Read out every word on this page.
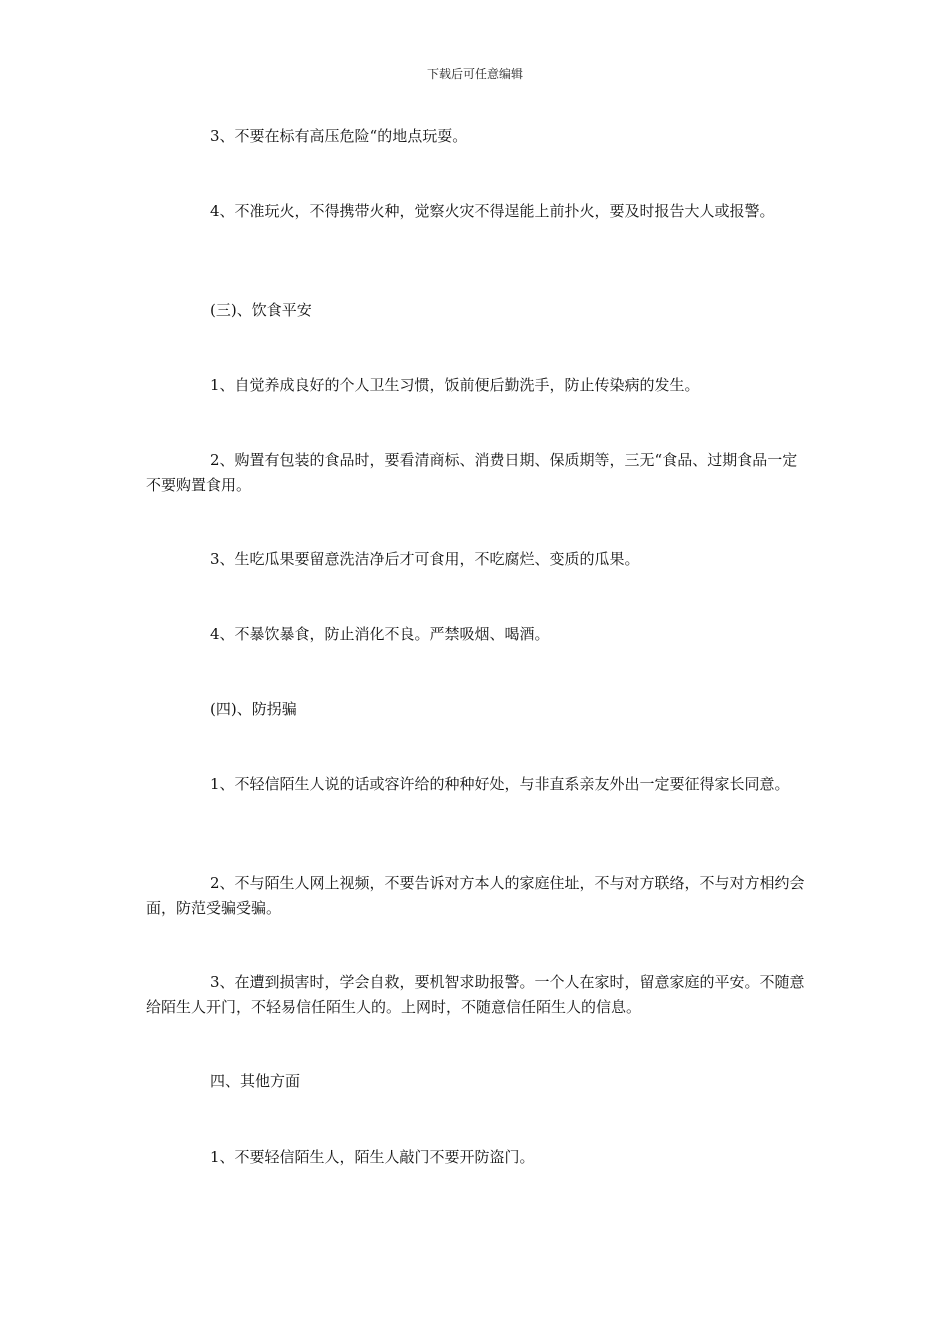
下载后可任意编辑

3、不要在标有高压危险“的地点玩耍。

4、不准玩火，不得携带火种，觉察火灾不得逞能上前扑火，要及时报告大人或报警。

(三)、饮食平安

1、自觉养成良好的个人卫生习惯，饭前便后勤洗手，防止传染病的发生。

2、购置有包装的食品时，要看清商标、消费日期、保质期等，三无“食品、过期食品一定不要购置食用。

3、生吃瓜果要留意洗洁净后才可食用，不吃腐烂、变质的瓜果。

4、不暴饮暴食，防止消化不良。严禁吸烟、喝酒。

(四)、防拐骗

1、不轻信陌生人说的话或容许给的种种好处，与非直系亲友外出一定要征得家长同意。

2、不与陌生人网上视频，不要告诉对方本人的家庭住址，不与对方联络，不与对方相约会面，防范受骗受骗。

3、在遭到损害时，学会自救，要机智求助报警。一个人在家时，留意家庭的平安。不随意给陌生人开门，不轻易信任陌生人的。上网时，不随意信任陌生人的信息。

四、其他方面

1、不要轻信陌生人，陌生人敲门不要开防盗门。
